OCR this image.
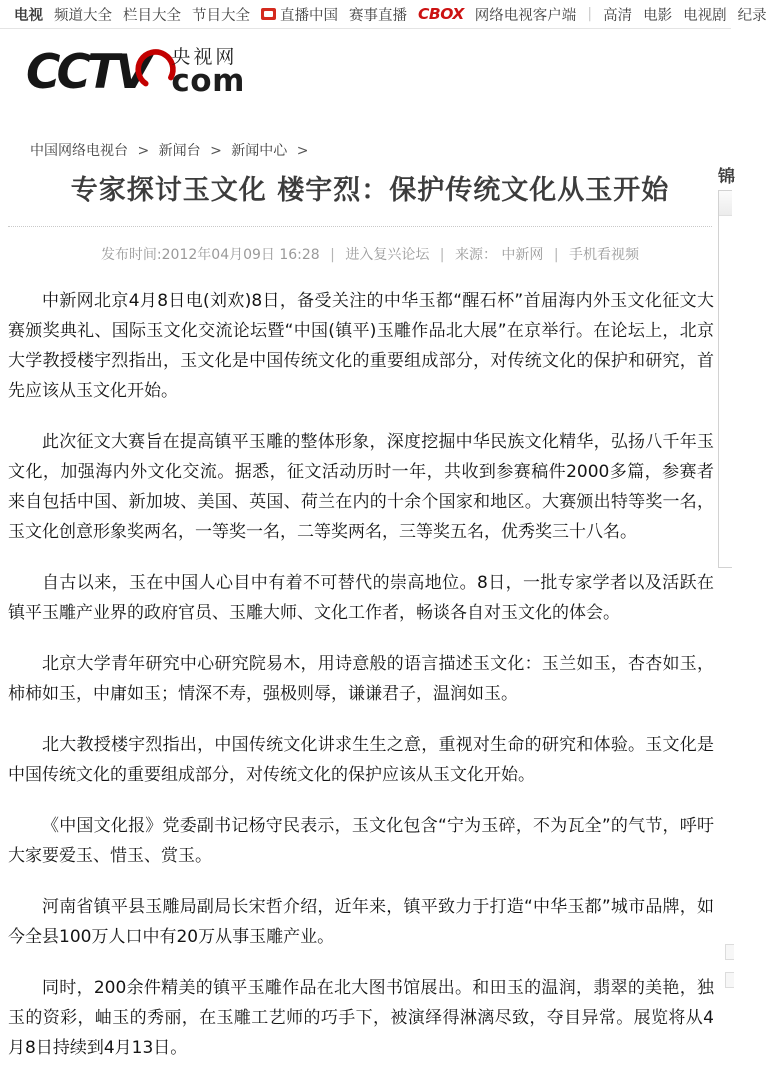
电视 频道大全 栏目大全 节目大全 直播中国 赛事直播 CBOX 网络电视客户端 | 高清 电影 电视剧 纪录
CCTV 央视网
com
中国网络电视台 > 新闻台 > 新闻中心 >
专家探讨玉文化 楼宇烈：保护传统文化从玉开始
发布时间:2012年04月09日 16:28 | 进入复兴论坛 | 来源： 中新网 | 手机看视频

中新网北京4月8日电(刘欢)8日，备受关注的中华玉都“醒石杯”首届海内外玉文化征文大赛颁奖典礼、国际玉文化交流论坛暨“中国(镇平)玉雕作品北大展”在京举行。在论坛上，北京大学教授楼宇烈指出，玉文化是中国传统文化的重要组成部分，对传统文化的保护和研究，首先应该从玉文化开始。

此次征文大赛旨在提高镇平玉雕的整体形象，深度挖掘中华民族文化精华，弘扬八千年玉文化，加强海内外文化交流。据悉，征文活动历时一年，共收到参赛稿件2000多篇，参赛者来自包括中国、新加坡、美国、英国、荷兰在内的十余个国家和地区。大赛颁出特等奖一名，玉文化创意形象奖两名，一等奖一名，二等奖两名，三等奖五名，优秀奖三十八名。

自古以来，玉在中国人心目中有着不可替代的崇高地位。8日，一批专家学者以及活跃在镇平玉雕产业界的政府官员、玉雕大师、文化工作者，畅谈各自对玉文化的体会。

北京大学青年研究中心研究院易木，用诗意般的语言描述玉文化：玉兰如玉，杏杏如玉，柿柿如玉，中庸如玉；情深不寿，强极则辱，谦谦君子，温润如玉。

北大教授楼宇烈指出，中国传统文化讲求生生之意，重视对生命的研究和体验。玉文化是中国传统文化的重要组成部分，对传统文化的保护应该从玉文化开始。

《中国文化报》党委副书记杨守民表示，玉文化包含“宁为玉碎，不为瓦全”的气节，呼吁大家要爱玉、惜玉、赏玉。

河南省镇平县玉雕局副局长宋哲介绍，近年来，镇平致力于打造“中华玉都”城市品牌，如今全县100万人口中有20万从事玉雕产业。

同时，200余件精美的镇平玉雕作品在北大图书馆展出。和田玉的温润，翡翠的美艳，独玉的资彩，岫玉的秀丽，在玉雕工艺师的巧手下，被演绎得淋漓尽致，夺目异常。展览将从4月8日持续到4月13日。

锦
